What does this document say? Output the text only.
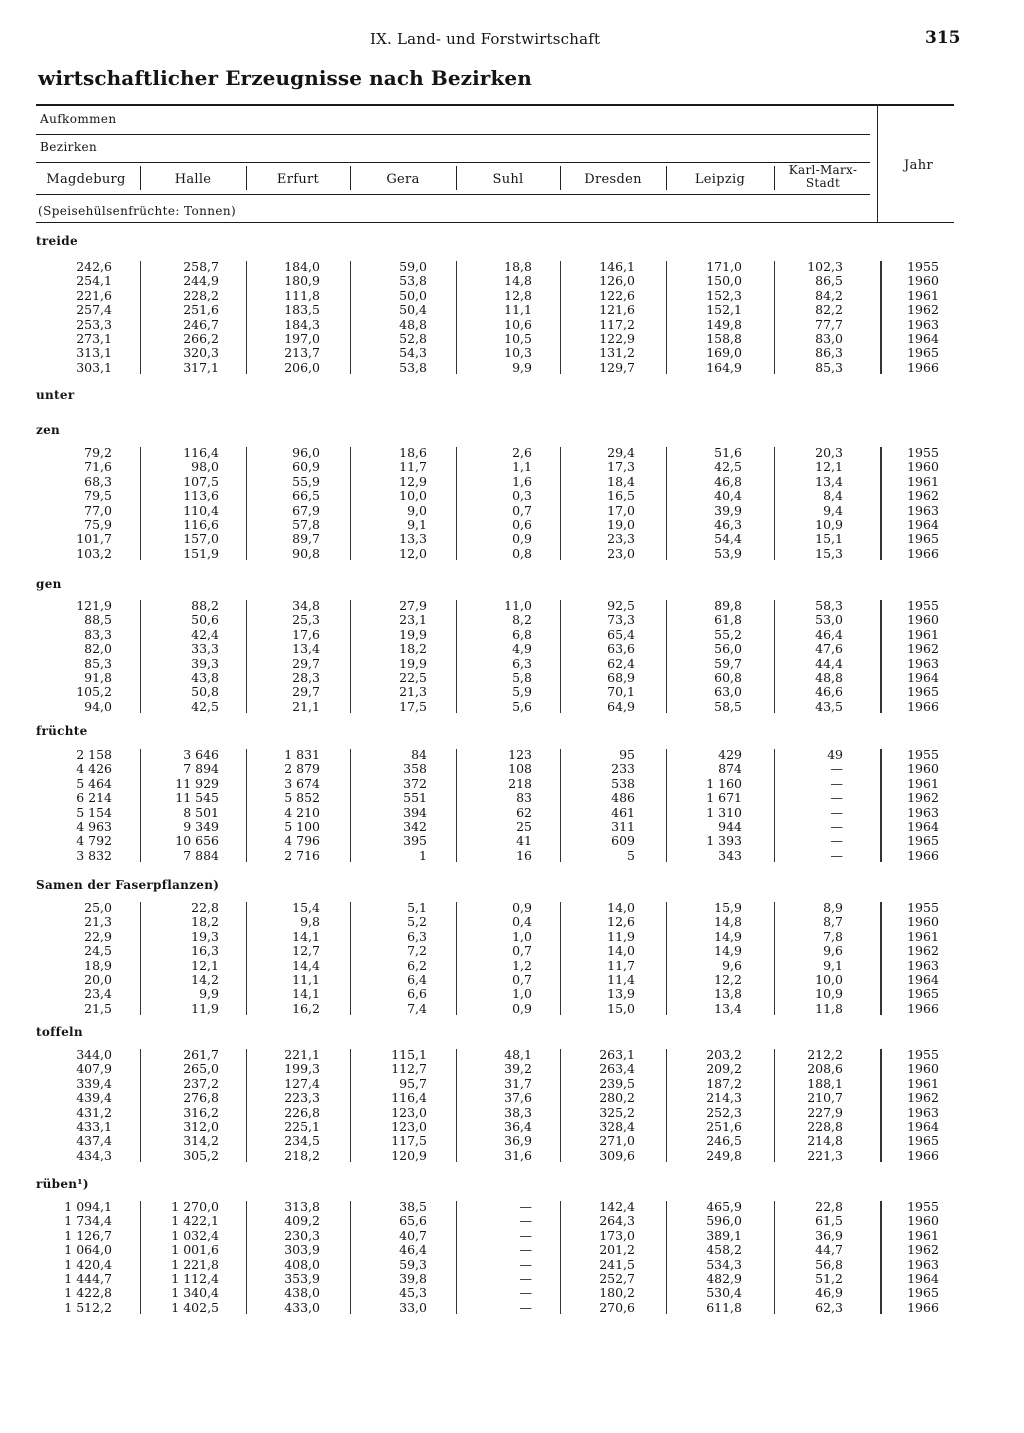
IX. Land- und Forstwirtschaft	315
wirtschaftlicher Erzeugnisse nach Bezirken
Aufkommen
Bezirken
(Speisehülsenfrüchte: Tonnen)
Jahr
Magdeburg	Halle	Erfurt	Gera	Suhl	Dresden	Leipzig
Karl-Marx-
Stadt
treide
242,6	258,7	184,0	59,0	18,8	146,1	171,0	102,3	1955
254,1	244,9	180,9	53,8	14,8	126,0	150,0	86,5	1960
221,6	228,2	111,8	50,0	12,8	122,6	152,3	84,2	1961
257,4	251,6	183,5	50,4	11,1	121,6	152,1	82,2	1962
253,3	246,7	184,3	48,8	10,6	117,2	149,8	77,7	1963
273,1	266,2	197,0	52,8	10,5	122,9	158,8	83,0	1964
313,1	320,3	213,7	54,3	10,3	131,2	169,0	86,3	1965
303,1	317,1	206,0	53,8	9,9	129,7	164,9	85,3	1966
unter
zen
79,2	116,4	96,0	18,6	2,6	29,4	51,6	20,3	1955
71,6	98,0	60,9	11,7	1,1	17,3	42,5	12,1	1960
68,3	107,5	55,9	12,9	1,6	18,4	46,8	13,4	1961
79,5	113,6	66,5	10,0	0,3	16,5	40,4	8,4	1962
77,0	110,4	67,9	9,0	0,7	17,0	39,9	9,4	1963
75,9	116,6	57,8	9,1	0,6	19,0	46,3	10,9	1964
101,7	157,0	89,7	13,3	0,9	23,3	54,4	15,1	1965
103,2	151,9	90,8	12,0	0,8	23,0	53,9	15,3	1966
gen
121,9	88,2	34,8	27,9	11,0	92,5	89,8	58,3	1955
88,5	50,6	25,3	23,1	8,2	73,3	61,8	53,0	1960
83,3	42,4	17,6	19,9	6,8	65,4	55,2	46,4	1961
82,0	33,3	13,4	18,2	4,9	63,6	56,0	47,6	1962
85,3	39,3	29,7	19,9	6,3	62,4	59,7	44,4	1963
91,8	43,8	28,3	22,5	5,8	68,9	60,8	48,8	1964
105,2	50,8	29,7	21,3	5,9	70,1	63,0	46,6	1965
94,0	42,5	21,1	17,5	5,6	64,9	58,5	43,5	1966
früchte
2 158	3 646	1 831	84	123	95	429	49	1955
4 426	7 894	2 879	358	108	233	874	—	1960
5 464	11 929	3 674	372	218	538	1 160	—	1961
6 214	11 545	5 852	551	83	486	1 671	—	1962
5 154	8 501	4 210	394	62	461	1 310	—	1963
4 963	9 349	5 100	342	25	311	944	—	1964
4 792	10 656	4 796	395	41	609	1 393	—	1965
3 832	7 884	2 716	1	16	5	343	—	1966
Samen der Faserpflanzen)
25,0	22,8	15,4	5,1	0,9	14,0	15,9	8,9	1955
21,3	18,2	9,8	5,2	0,4	12,6	14,8	8,7	1960
22,9	19,3	14,1	6,3	1,0	11,9	14,9	7,8	1961
24,5	16,3	12,7	7,2	0,7	14,0	14,9	9,6	1962
18,9	12,1	14,4	6,2	1,2	11,7	9,6	9,1	1963
20,0	14,2	11,1	6,4	0,7	11,4	12,2	10,0	1964
23,4	9,9	14,1	6,6	1,0	13,9	13,8	10,9	1965
21,5	11,9	16,2	7,4	0,9	15,0	13,4	11,8	1966
toffeln
344,0	261,7	221,1	115,1	48,1	263,1	203,2	212,2	1955
407,9	265,0	199,3	112,7	39,2	263,4	209,2	208,6	1960
339,4	237,2	127,4	95,7	31,7	239,5	187,2	188,1	1961
439,4	276,8	223,3	116,4	37,6	280,2	214,3	210,7	1962
431,2	316,2	226,8	123,0	38,3	325,2	252,3	227,9	1963
433,1	312,0	225,1	123,0	36,4	328,4	251,6	228,8	1964
437,4	314,2	234,5	117,5	36,9	271,0	246,5	214,8	1965
434,3	305,2	218,2	120,9	31,6	309,6	249,8	221,3	1966
rüben¹)
1 094,1	1 270,0	313,8	38,5	—	142,4	465,9	22,8	1955
1 734,4	1 422,1	409,2	65,6	—	264,3	596,0	61,5	1960
1 126,7	1 032,4	230,3	40,7	—	173,0	389,1	36,9	1961
1 064,0	1 001,6	303,9	46,4	—	201,2	458,2	44,7	1962
1 420,4	1 221,8	408,0	59,3	—	241,5	534,3	56,8	1963
1 444,7	1 112,4	353,9	39,8	—	252,7	482,9	51,2	1964
1 422,8	1 340,4	438,0	45,3	—	180,2	530,4	46,9	1965
1 512,2	1 402,5	433,0	33,0	—	270,6	611,8	62,3	1966
